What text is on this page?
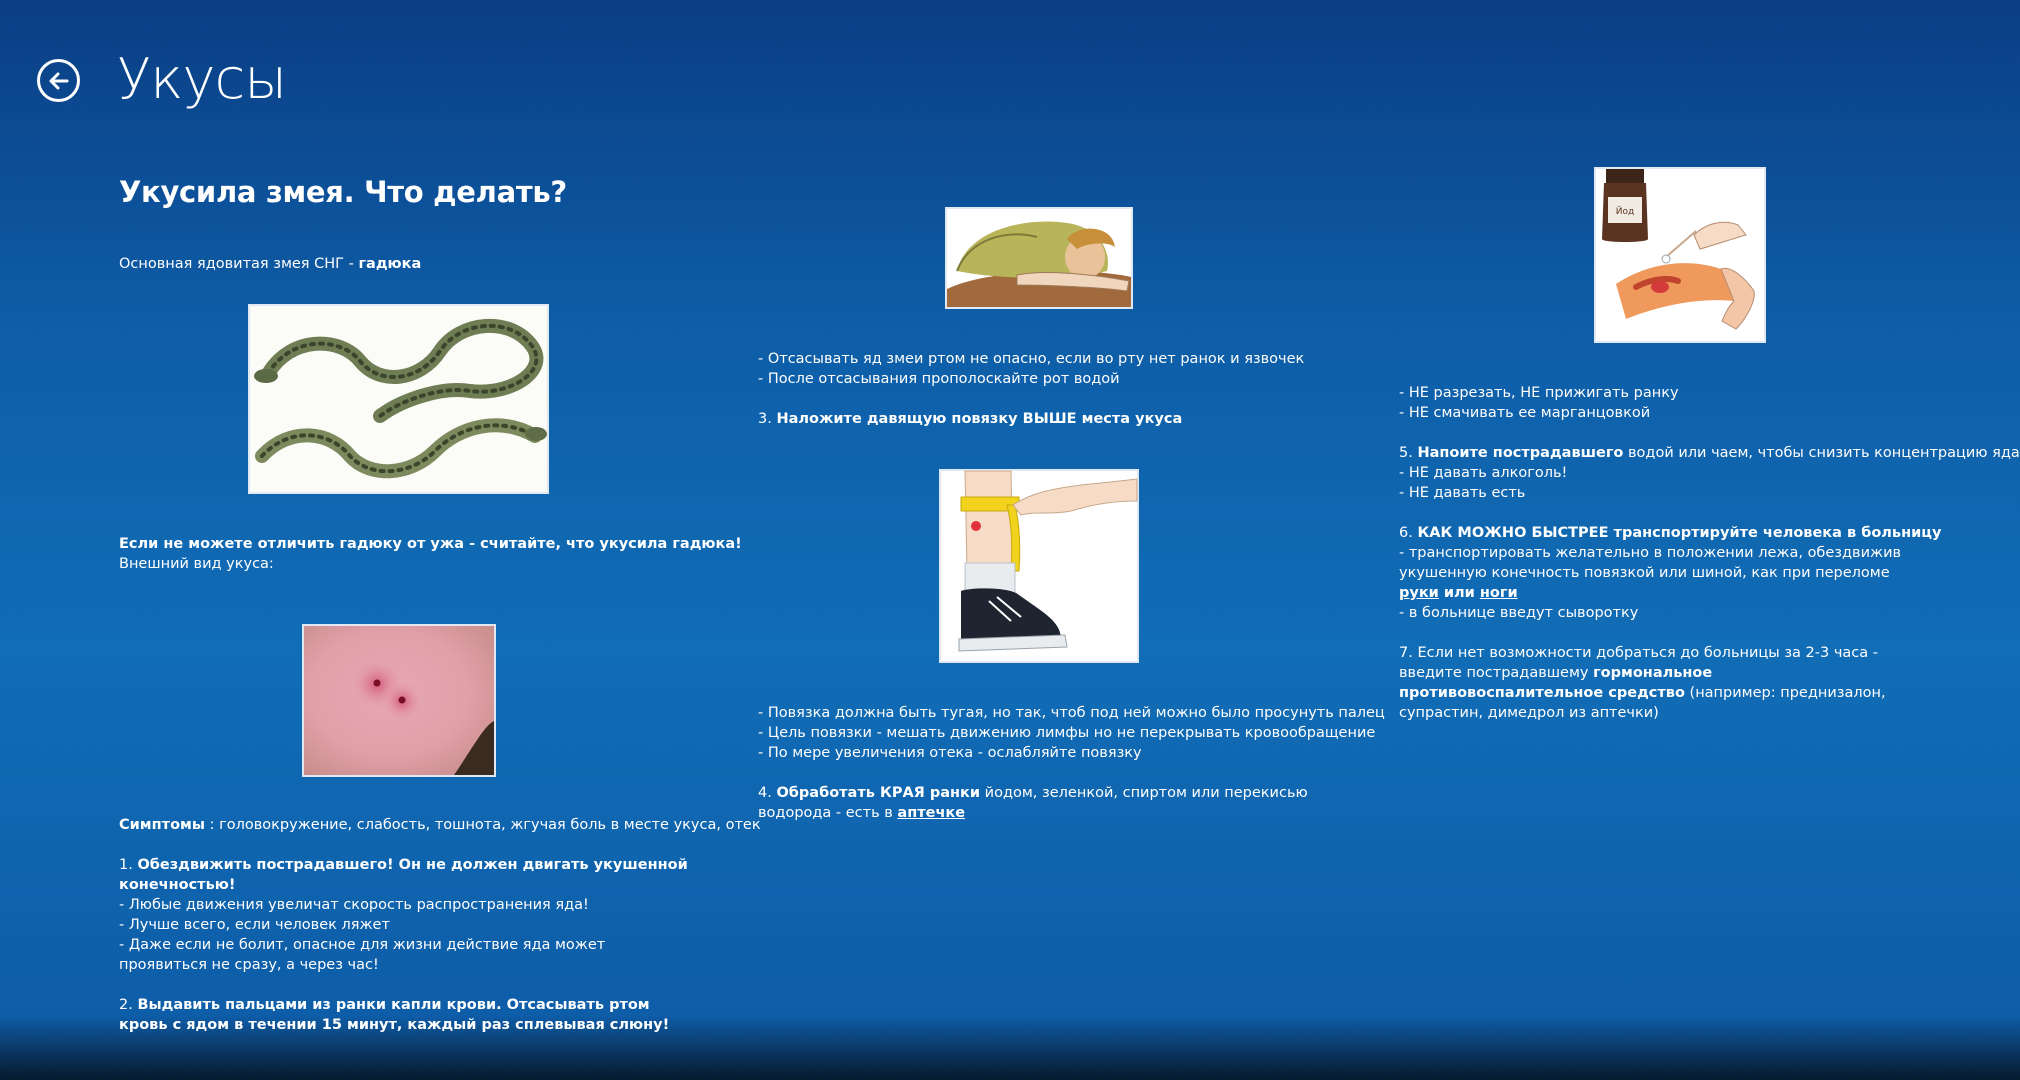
Укусы
Укусила змея. Что делать?

Основная ядовитая змея СНГ - гадюка

Если не можете отличить гадюку от ужа - считайте, что укусила гадюка!

Внешний вид укуса:

Симптомы : головокружение, слабость, тошнота, жгучая боль в месте укуса, отек

1. Обездвижить пострадавшего! Он не должен двигать укушенной конечностью!

- Любые движения увеличат скорость распространения яда!

- Лучше всего, если человек ляжет

- Даже если не болит, опасное для жизни действие яда может проявиться не сразу, а через час!

2. Выдавить пальцами из ранки капли крови. Отсасывать ртом кровь с ядом в течении 15 минут, каждый раз сплевывая слюну!

- Отсасывать яд змеи ртом не опасно, если во рту нет ранок и язвочек

- После отсасывания прополоскайте рот водой

3. Наложите давящую повязку ВЫШЕ места укуса

- Повязка должна быть тугая, но так, чтоб под ней можно было просунуть палец

- Цель повязки - мешать движению лимфы но не перекрывать кровообращение

- По мере увеличения отека - ослабляйте повязку

4. Обработать КРАЯ ранки йодом, зеленкой, спиртом или перекисью водорода - есть в аптечке

Йод

- НЕ разрезать, НЕ прижигать ранку

- НЕ смачивать ее марганцовкой

5. Напоите пострадавшего водой или чаем, чтобы снизить концентрацию яда

- НЕ давать алкоголь!

- НЕ давать есть

6. КАК МОЖНО БЫСТРЕЕ транспортируйте человека в больницу

- транспортировать желательно в положении лежа, обездвижив укушенную конечность повязкой или шиной, как при переломе руки или ноги

- в больнице введут сыворотку

7. Если нет возможности добраться до больницы за 2-3 часа - введите пострадавшему гормональное противовоспалительное средство (например: преднизалон, супрастин, димедрол из аптечки)
